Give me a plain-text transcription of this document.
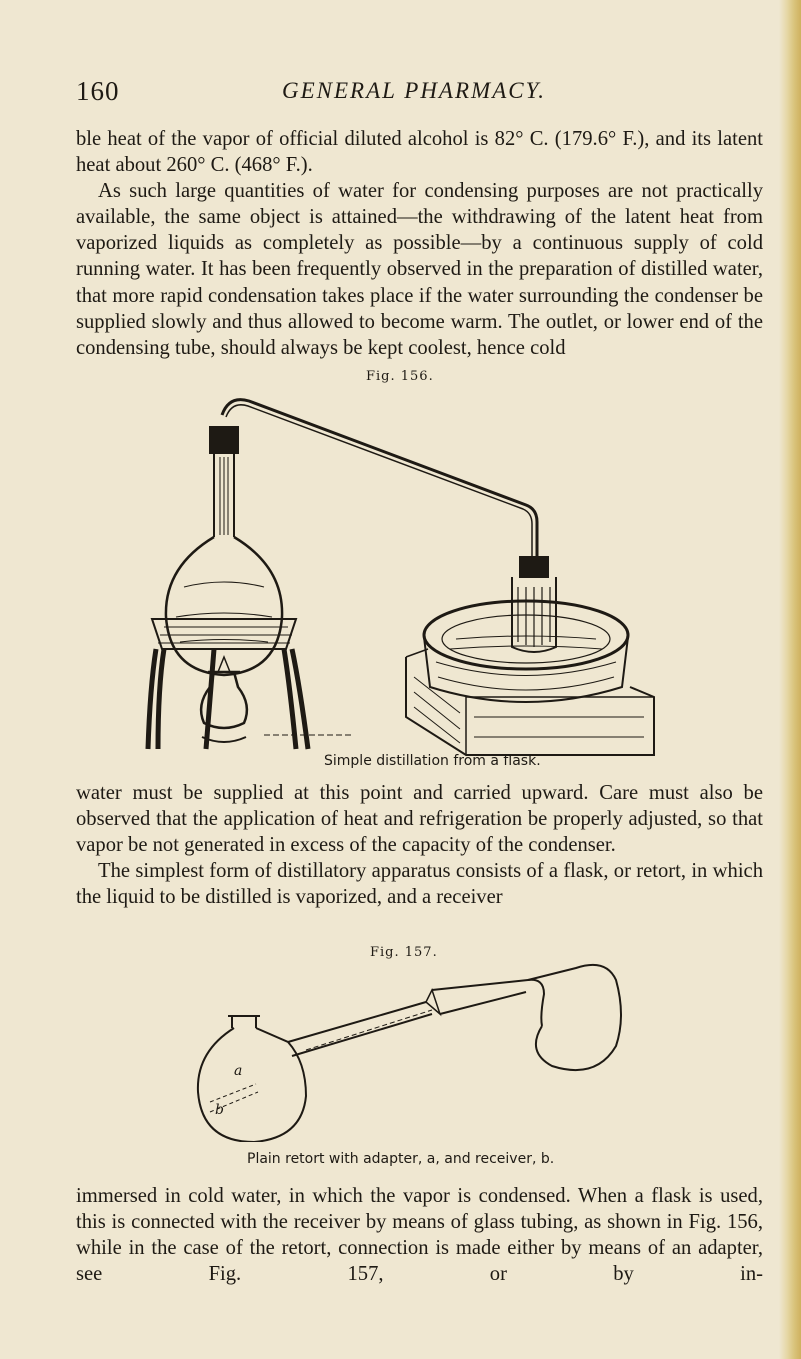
160	GENERAL PHARMACY.

ble heat of the vapor of official diluted alcohol is 82° C. (179.6° F.), and its latent heat about 260° C. (468° F.).

As such large quantities of water for condensing purposes are not practically available, the same object is attained—the withdrawing of the latent heat from vaporized liquids as completely as possible—by a continuous supply of cold running water. It has been frequently observed in the preparation of distilled water, that more rapid condensation takes place if the water surrounding the condenser be supplied slowly and thus allowed to become warm. The outlet, or lower end of the condensing tube, should always be kept coolest, hence cold

Fig. 156.
Simple distillation from a flask.

water must be supplied at this point and carried upward. Care must also be observed that the application of heat and refrigeration be properly adjusted, so that vapor be not generated in excess of the capacity of the condenser.

The simplest form of distillatory apparatus consists of a flask, or retort, in which the liquid to be distilled is vaporized, and a receiver

Fig. 157.
a
b
Plain retort with adapter, a, and receiver, b.

immersed in cold water, in which the vapor is condensed. When a flask is used, this is connected with the receiver by means of glass tubing, as shown in Fig. 156, while in the case of the retort, connection is made either by means of an adapter, see Fig. 157, or by in-
